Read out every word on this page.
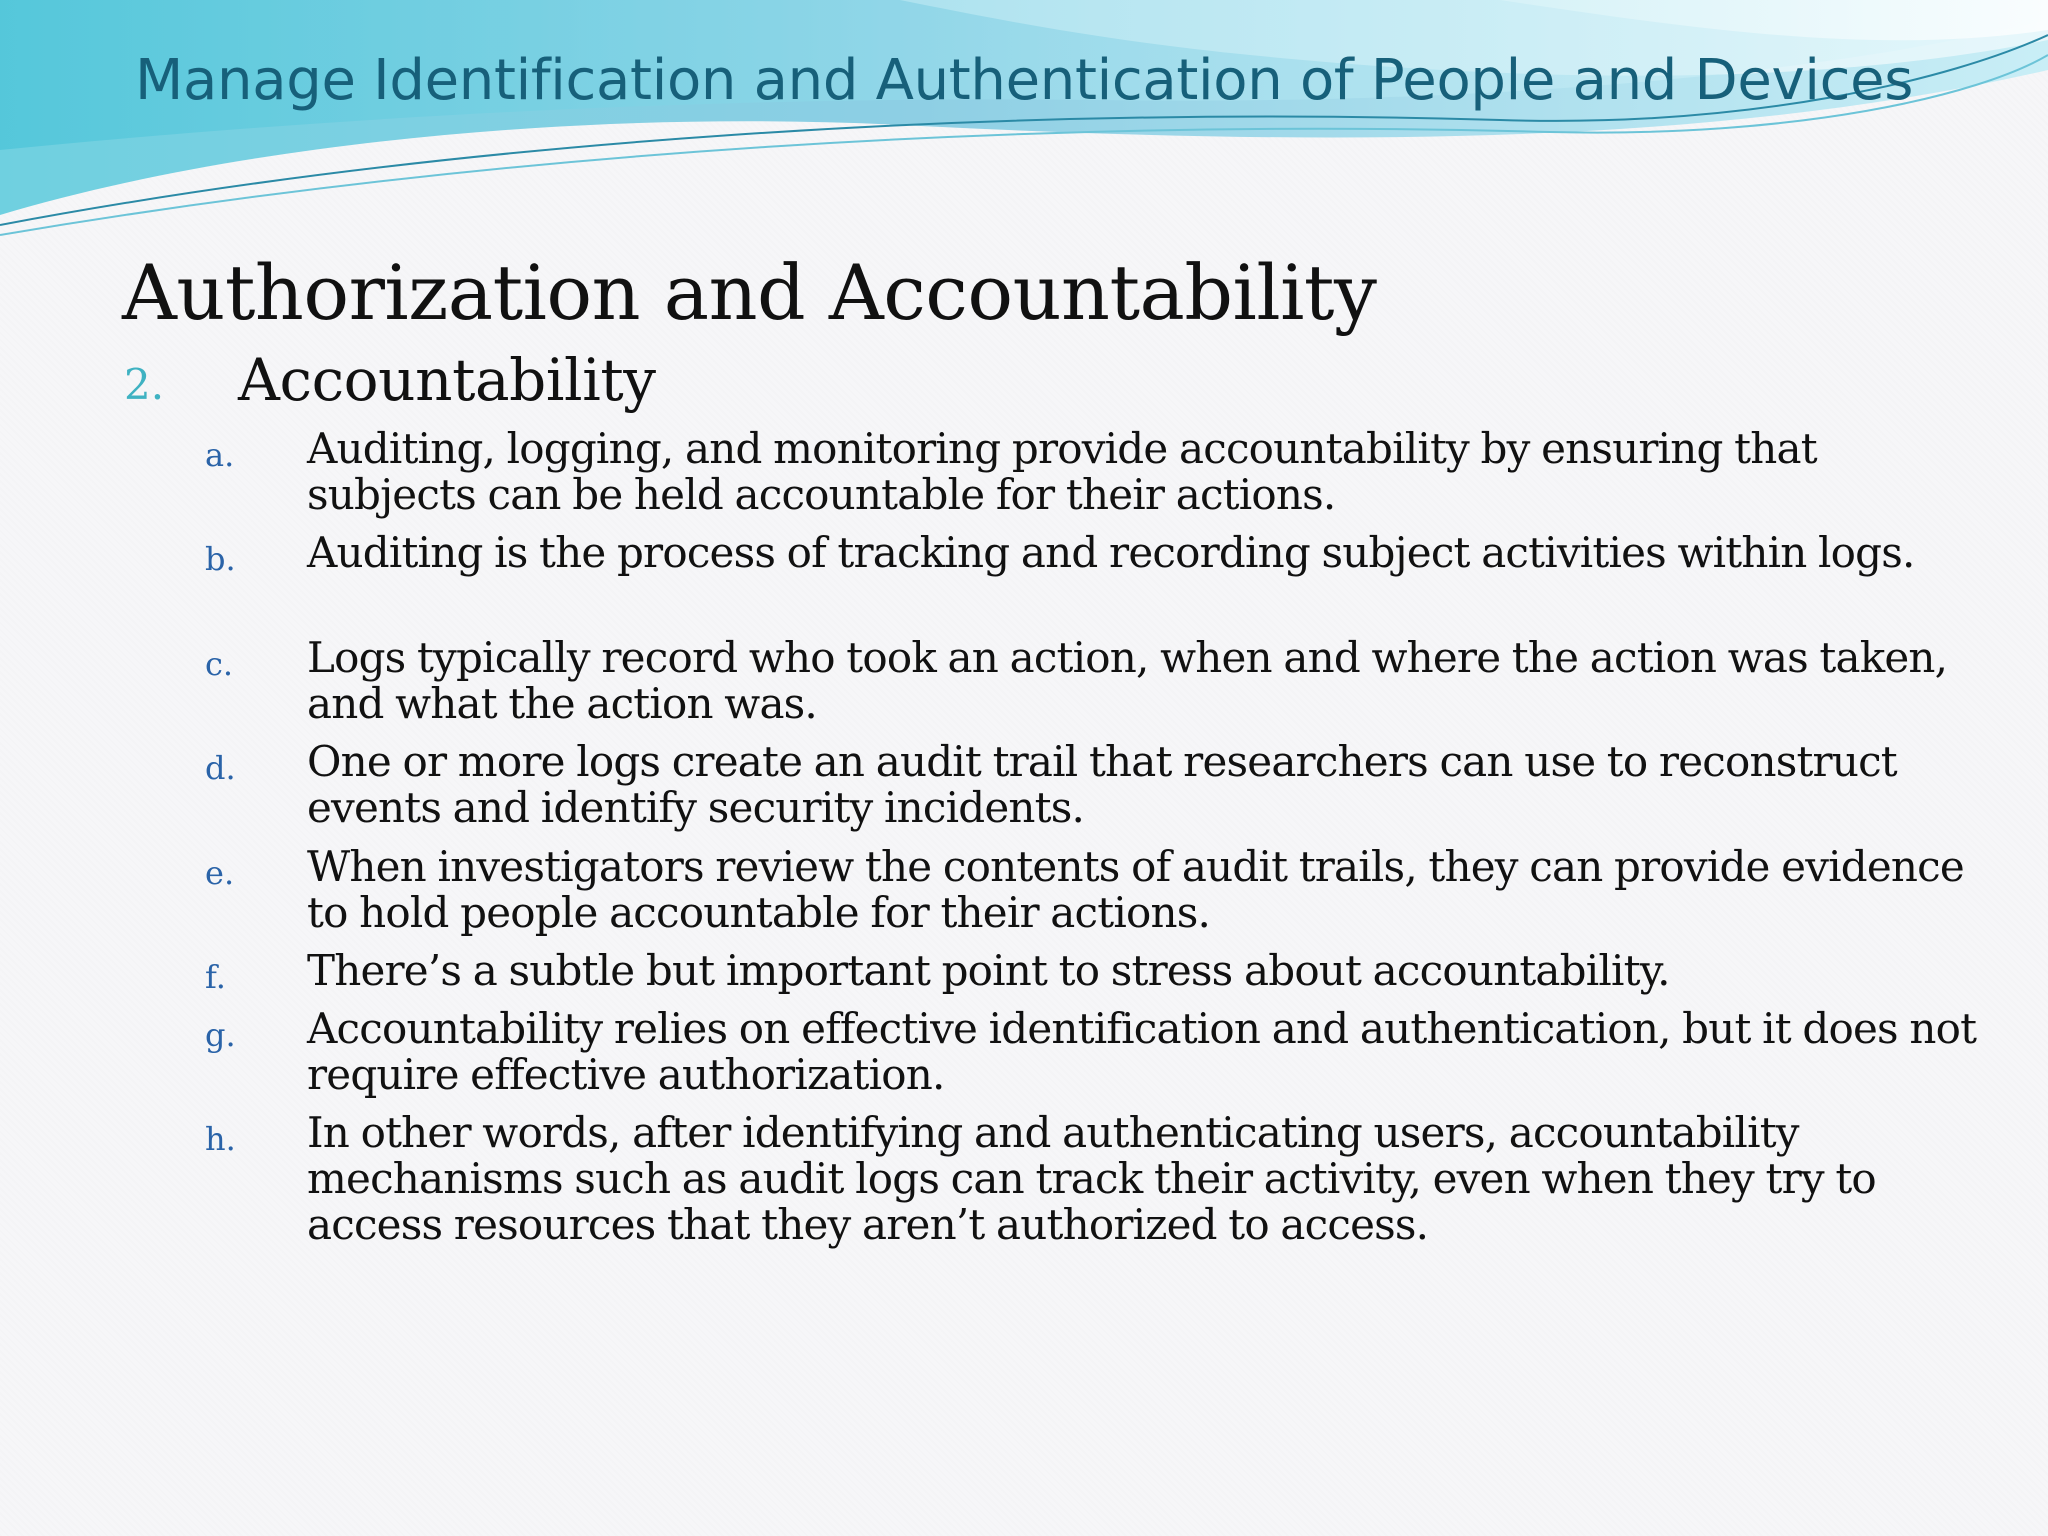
Manage Identification and Authentication of People and Devices
Authorization and Accountability
2. Accountability
a. Auditing, logging, and monitoring provide accountability by ensuring that subjects can be held accountable for their actions.
b. Auditing is the process of tracking and recording subject activities within logs.
c. Logs typically record who took an action, when and where the action was taken, and what the action was.
d. One or more logs create an audit trail that researchers can use to reconstruct events and identify security incidents.
e. When investigators review the contents of audit trails, they can provide evidence to hold people accountable for their actions.
f. There’s a subtle but important point to stress about accountability.
g. Accountability relies on effective identification and authentication, but it does not require effective authorization.
h. In other words, after identifying and authenticating users, accountability mechanisms such as audit logs can track their activity, even when they try to access resources that they aren’t authorized to access.
